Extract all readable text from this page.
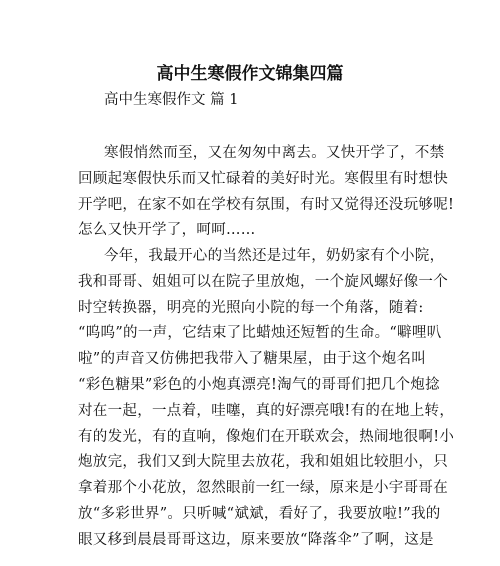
高中生寒假作文锦集四篇
高中生寒假作文 篇 1
寒假悄然而至，又在匆匆中离去。又快开学了，不禁
回顾起寒假快乐而又忙碌着的美好时光。寒假里有时想快
开学吧，在家不如在学校有氛围，有时又觉得还没玩够呢!
怎么又快开学了，呵呵……
今年，我最开心的当然还是过年，奶奶家有个小院，
我和哥哥、姐姐可以在院子里放炮，一个旋风螺好像一个
时空转换器，明亮的光照向小院的每一个角落，随着:
“呜呜”的一声，它结束了比蜡烛还短暂的生命。“噼哩叭
啦”的声音又仿佛把我带入了糖果屋，由于这个炮名叫
“彩色糖果”彩色的小炮真漂亮!淘气的哥哥们把几个炮捻
对在一起，一点着，哇噻，真的好漂亮哦!有的在地上转，
有的发光，有的直响，像炮们在开联欢会，热闹地很啊!小
炮放完，我们又到大院里去放花，我和姐姐比较胆小，只
拿着那个小花放，忽然眼前一红一绿，原来是小宇哥哥在
放“多彩世界”。只听喊“斌斌，看好了，我要放啦!”我的
眼又移到晨晨哥哥这边，原来要放“降落伞”了啊，这是
